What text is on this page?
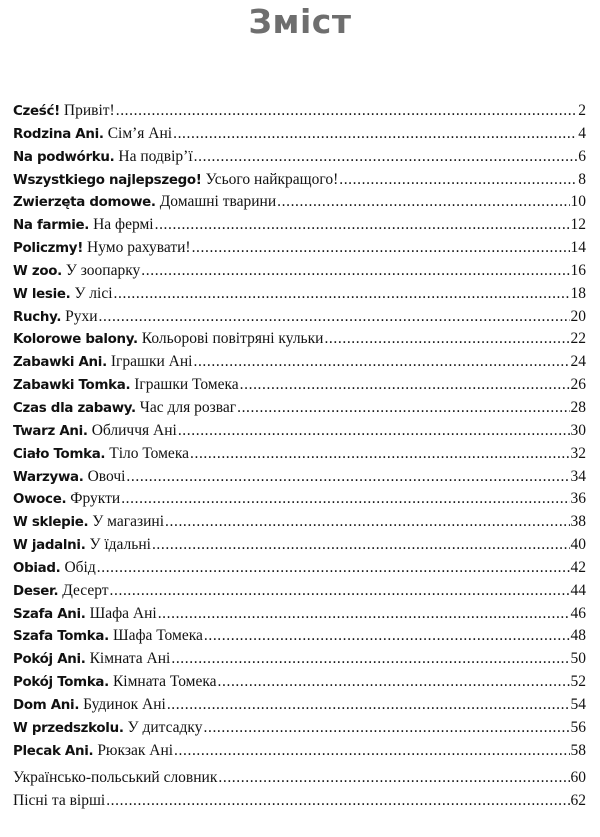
Зміст
Cześć! Привіт! .....	2
Rodzina Ani. Сім’я Ані .....	4
Na podwórku. На подвір’ї .....	6
Wszystkiego najlepszego! Усього найкращого! .....	8
Zwierzęta domowe. Домашні тварини .....	10
Na farmie. На фермі .....	12
Policzmy! Нумо рахувати! .....	14
W zoo. У зоопарку .....	16
W lesie. У лісі .....	18
Ruchy. Рухи .....	20
Kolorowe balony. Кольорові повітряні кульки .....	22
Zabawki Ani. Іграшки Ані .....	24
Zabawki Tomka. Іграшки Томека .....	26
Czas dla zabawy. Час для розваг .....	28
Twarz Ani. Обличчя Ані .....	30
Ciało Tomka. Тіло Томека .....	32
Warzywa. Овочі .....	34
Owoce. Фрукти .....	36
W sklepie. У магазині .....	38
W jadalni. У їдальні .....	40
Obiad. Обід .....	42
Deser. Десерт .....	44
Szafa Ani. Шафа Ані .....	46
Szafa Tomka. Шафа Томека .....	48
Pokój Ani. Кімната Ані .....	50
Pokój Tomka. Кімната Томека .....	52
Dom Ani. Будинок Ані .....	54
W przedszkolu. У дитсадку .....	56
Plecak Ani. Рюкзак Ані .....	58
Українсько-польський словник .....	60
Пісні та вірші .....	62
